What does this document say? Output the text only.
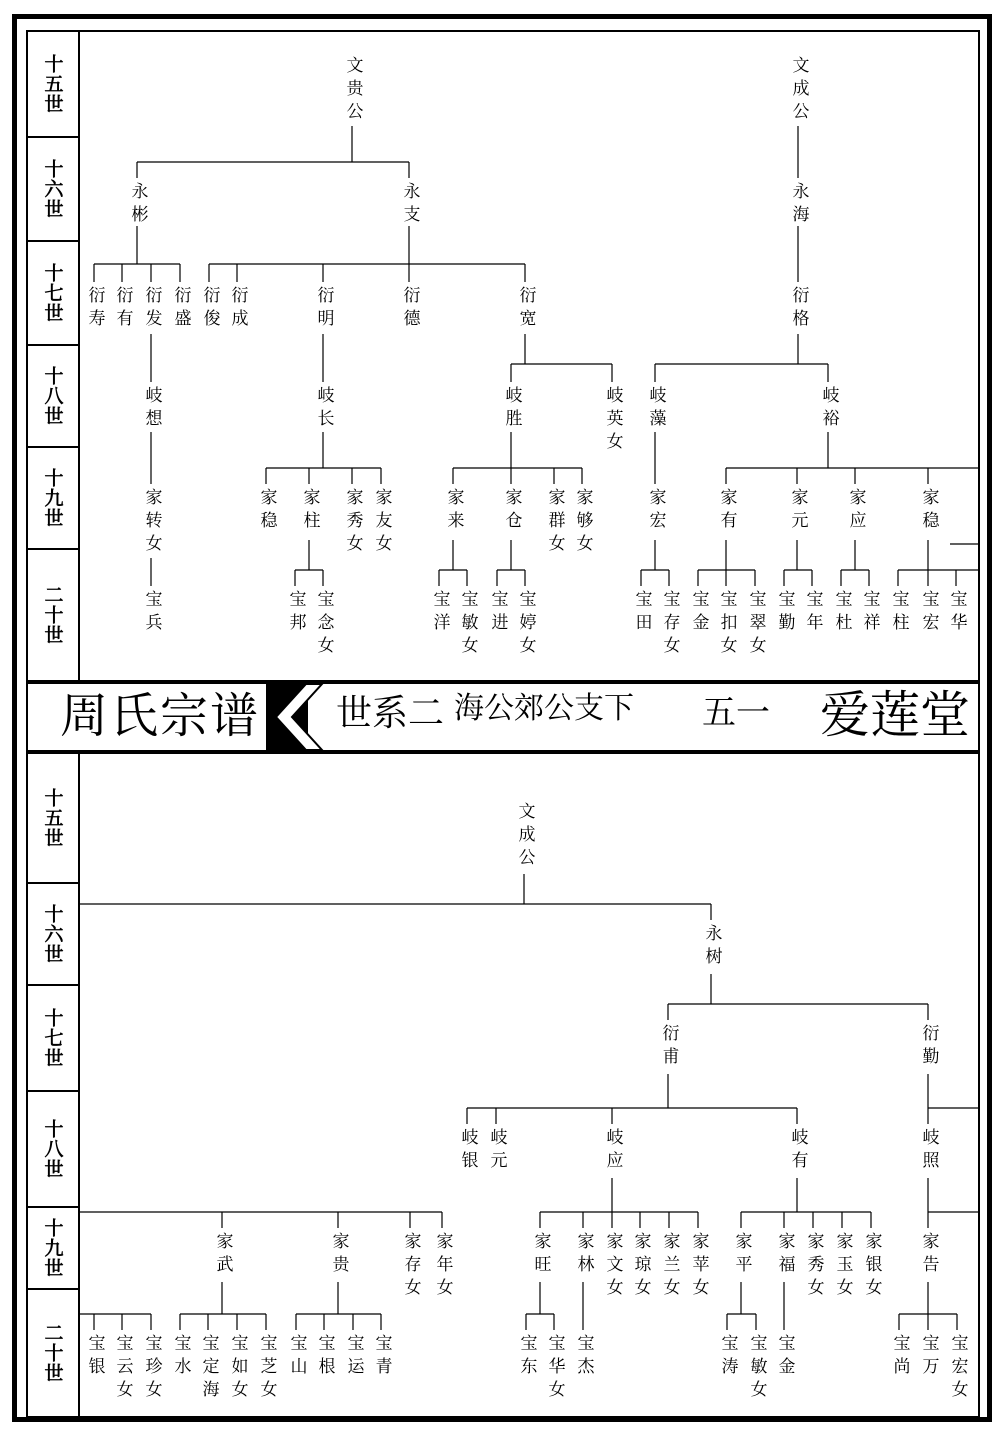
十五世
十六世
十七世
十八世
十九世
二十世
十五世
十六世
十七世
十八世
十九世
二十世
周氏宗谱 世系二 海公郊公支下 五一 爱莲堂
文贵公	文成公
永彬	永支	永海
衍寿 衍有 衍发 衍盛 衍俊 衍成	衍明	衍德	衍宽	衍格
岐想	岐长	岐胜	岐英女 岐藻	岐裕
家转女	家稳 家柱 家秀女 家友女	家来 家仓 家群女 家够女	家宏	家有	家元 家应	家稳
宝兵	宝邦 宝念女	宝洋 宝敏女 宝进 宝婷女	宝田 宝存女 宝金 宝扣女 宝翠女 宝勤 宝年 宝杜 宝祥 宝柱 宝宏 宝华
文成公
永树
衍甫	衍勤
岐银 岐元	岐应	岐有	岐照
家武	家贵	家存女 家年女	家旺 家林 家文女 家琼女 家兰女 家苹女 家平 家福 家秀女 家玉女 家银女 家告
宝银 宝云女 宝珍女 宝水 宝定海 宝如女 宝芝女 宝山 宝根 宝运 宝青	宝东 宝华女 宝杰	宝涛 宝敏女 宝金	宝尚 宝万 宝宏女
